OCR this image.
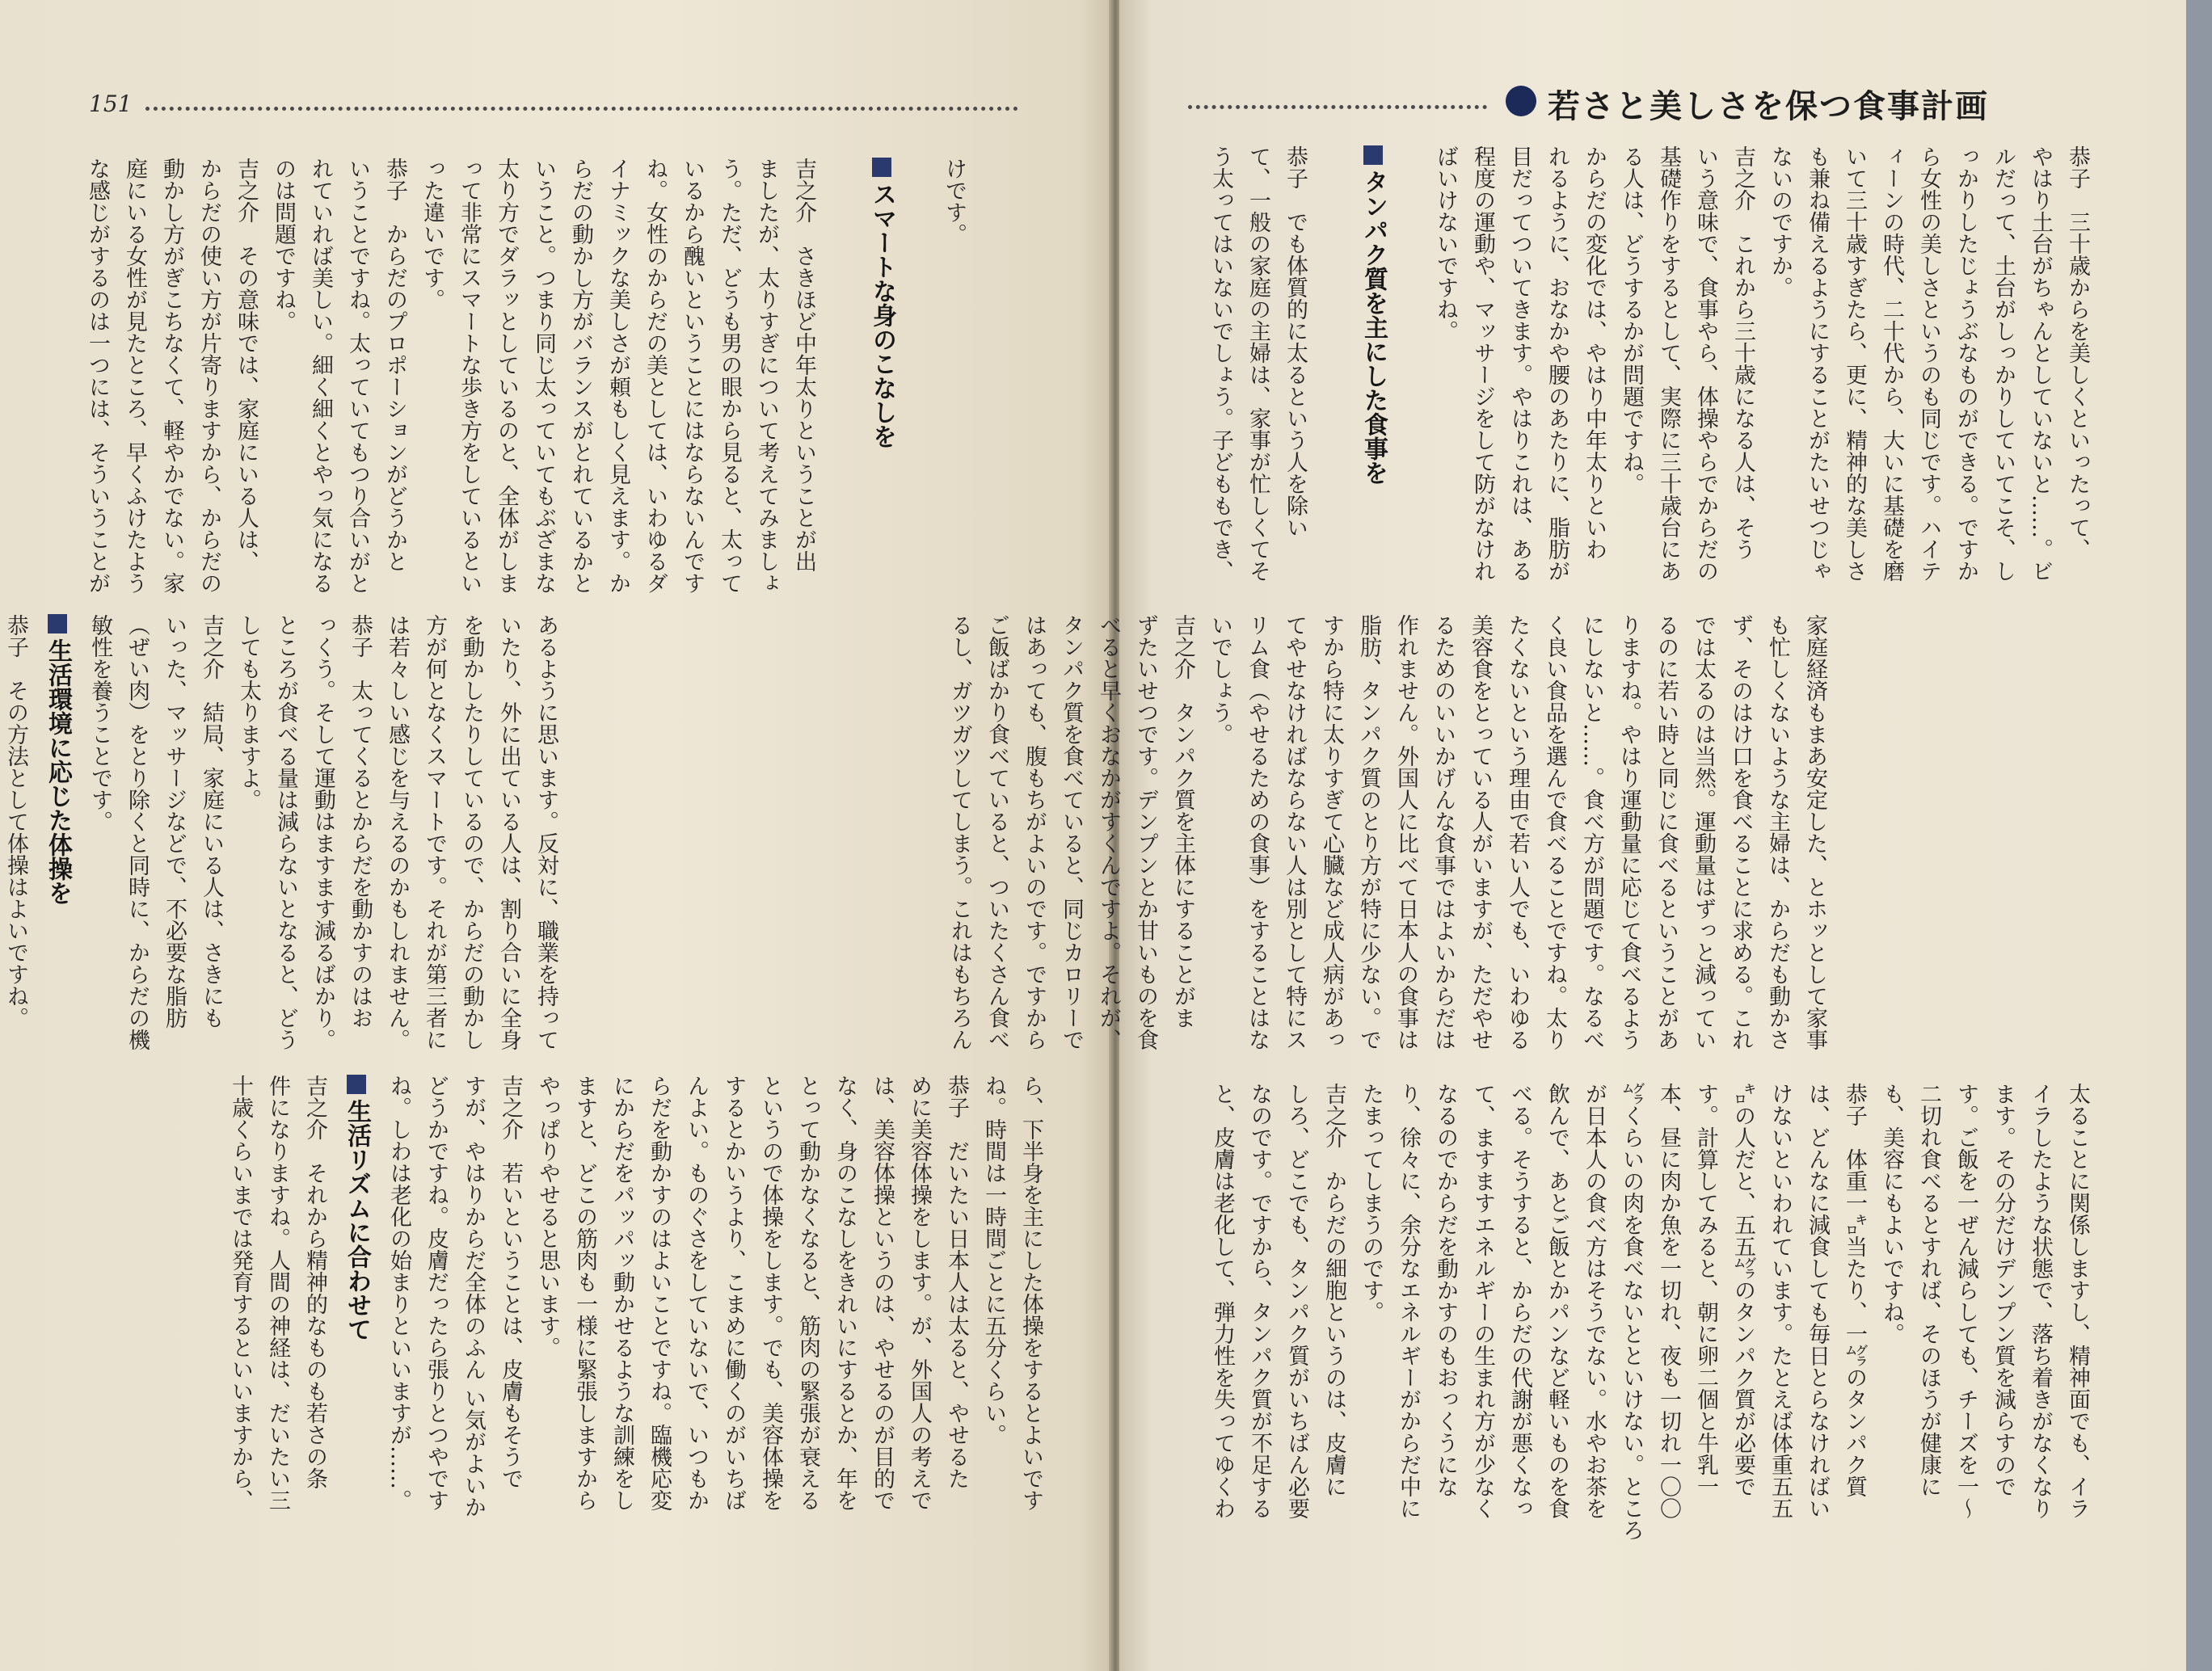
151
けです。
スマートな身のこなしを
吉之介　さきほど中年太りということが出
ましたが、太りすぎについて考えてみましょ
う。ただ、どうも男の眼から見ると、太って
いるから醜いということにはならないんです
ね。女性のからだの美としては、いわゆるダ
イナミックな美しさが頼もしく見えます。か
らだの動かし方がバランスがとれているかと
いうこと。つまり同じ太っていてもぶざまな
太り方でダラッとしているのと、全体がしま
って非常にスマートな歩き方をしているとい
った違いです。
恭子　からだのプロポーションがどうかと
いうことですね。太っていてもつり合いがと
れていれば美しい。細く細くとやっ気になる
のは問題ですね。
吉之介　その意味では、家庭にいる人は、
からだの使い方が片寄りますから、からだの
動かし方がぎこちなくて、軽やかでない。家
庭にいる女性が見たところ、早くふけたよう
な感じがするのは一つには、そういうことが
あるように思います。反対に、職業を持って
いたり、外に出ている人は、割り合いに全身
を動かしたりしているので、からだの動かし
方が何となくスマートです。それが第三者に
は若々しい感じを与えるのかもしれません。
恭子　太ってくるとからだを動かすのはお
っくう。そして運動はますます減るばかり。
ところが食べる量は減らないとなると、どう
しても太りますよ。
吉之介　結局、家庭にいる人は、さきにも
いった、マッサージなどで、不必要な脂肪
（ぜい肉）をとり除くと同時に、からだの機
敏性を養うことです。
生活環境に応じた体操を
恭子　その方法として体操はよいですね。
ら、下半身を主にした体操をするとよいです
ね。時間は一時間ごとに五分くらい。
恭子　だいたい日本人は太ると、やせるた
めに美容体操をします。が、外国人の考えで
は、美容体操というのは、やせるのが目的で
なく、身のこなしをきれいにするとか、年を
とって動かなくなると、筋肉の緊張が衰える
というので体操をします。でも、美容体操を
するとかいうより、こまめに働くのがいちば
んよい。ものぐさをしていないで、いつもか
らだを動かすのはよいことですね。臨機応変
にからだをパッパッ動かせるような訓練をし
ますと、どこの筋肉も一様に緊張しますから
やっぱりやせると思います。
吉之介　若いということは、皮膚もそうで
すが、やはりからだ全体のふん い気がよいか
どうかですね。皮膚だったら張りとつやです
ね。しわは老化の始まりといいますが……。
生活リズムに合わせて
吉之介　それから精神的なものも若さの条
件になりますね。人間の神経は、だいたい三
十歳くらいまでは発育するといいますから、
若さと美しさを保つ食事計画
恭子　三十歳からを美しくといったって、
やはり土台がちゃんとしていないと……。ビ
ルだって、土台がしっかりしていてこそ、し
っかりしたじょうぶなものができる。ですか
ら女性の美しさというのも同じです。ハイテ
ィーンの時代、二十代から、大いに基礎を磨
いて三十歳すぎたら、更に、精神的な美しさ
も兼ね備えるようにすることがたいせつじゃ
ないのですか。
吉之介　これから三十歳になる人は、そう
いう意味で、食事やら、体操やらでからだの
基礎作りをするとして、実際に三十歳台にあ
る人は、どうするかが問題ですね。
からだの変化では、やはり中年太りといわ
れるように、おなかや腰のあたりに、脂肪が
目だってついてきます。やはりこれは、ある
程度の運動や、マッサージをして防がなけれ
ばいけないですね。
タンパク質を主にした食事を
恭子　でも体質的に太るという人を除い
て、一般の家庭の主婦は、家事が忙しくてそ
う太ってはいないでしょう。子どももでき、
家庭経済もまあ安定した、とホッとして家事
も忙しくないような主婦は、からだも動かさ
ず、そのはけ口を食べることに求める。これ
では太るのは当然。運動量はずっと減ってい
るのに若い時と同じに食べるということがあ
りますね。やはり運動量に応じて食べるよう
にしないと……。食べ方が問題です。なるべ
く良い食品を選んで食べることですね。太り
たくないという理由で若い人でも、いわゆる
美容食をとっている人がいますが、ただやせ
るためのいいかげんな食事ではよいからだは
作れません。外国人に比べて日本人の食事は
脂肪、タンパク質のとり方が特に少ない。で
すから特に太りすぎて心臓など成人病があっ
てやせなければならない人は別として特にス
リム食（やせるための食事）をすることはな
いでしょう。
吉之介　タンパク質を主体にすることがま
ずたいせつです。デンプンとか甘いものを食
べると早くおなかがすくんですよ。それが、
タンパク質を食べていると、同じカロリーで
はあっても、腹もちがよいのです。ですから
ご飯ばかり食べていると、ついたくさん食べ
るし、ガツガツしてしまう。これはもちろん
太ることに関係しますし、精神面でも、イラ
イラしたような状態で、落ち着きがなくなり
ます。その分だけデンプン質を減らすので
す。ご飯を一ぜん減らしても、チーズを一～
二切れ食べるとすれば、そのほうが健康に
も、美容にもよいですね。
恭子　体重一㌔当たり、一㌘のタンパク質
は、どんなに減食しても毎日とらなければい
けないといわれています。たとえば体重五五
㌔の人だと、五五㌘のタンパク質が必要で
す。計算してみると、朝に卵二個と牛乳一
本、昼に肉か魚を一切れ、夜も一切れ一〇〇
㌘くらいの肉を食べないとといけない。ところ
が日本人の食べ方はそうでない。水やお茶を
飲んで、あとご飯とかパンなど軽いものを食
べる。そうすると、からだの代謝が悪くなっ
て、ますますエネルギーの生まれ方が少なく
なるのでからだを動かすのもおっくうにな
り、徐々に、余分なエネルギーがからだ中に
たまってしまうのです。
吉之介　からだの細胞というのは、皮膚に
しろ、どこでも、タンパク質がいちばん必要
なのです。ですから、タンパク質が不足する
と、皮膚は老化して、弾力性を失ってゆくわ
